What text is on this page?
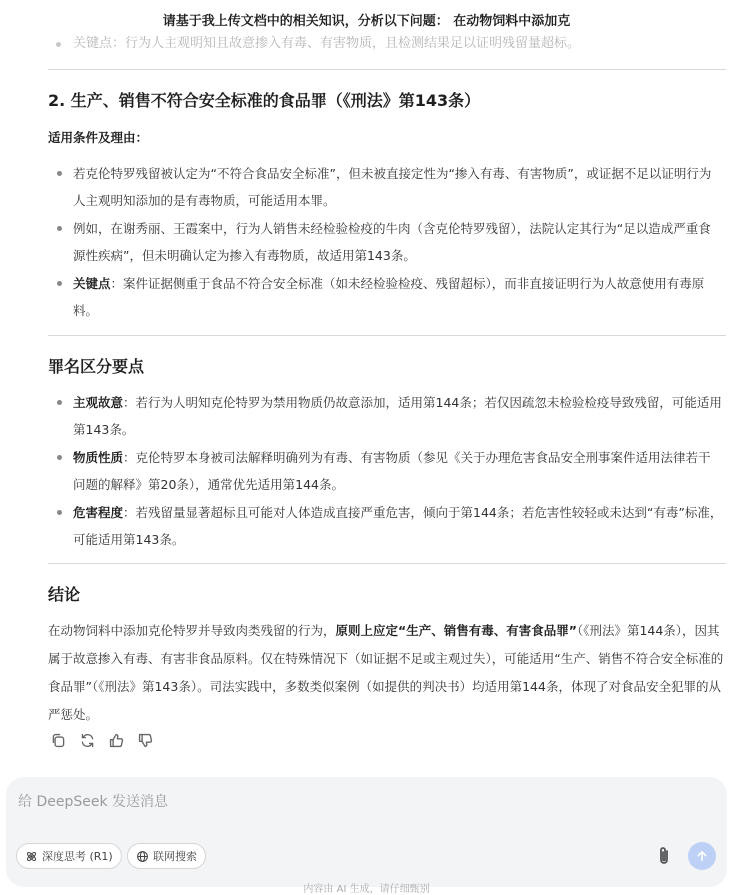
请基于我上传文档中的相关知识，分析以下问题： 在动物饲料中添加克
关键点：行为人主观明知且故意掺入有毒、有害物质，且检测结果足以证明残留量超标。
2. 生产、销售不符合安全标准的食品罪（《刑法》第143条）
适用条件及理由：
若克伦特罗残留被认定为“不符合食品安全标准”，但未被直接定性为“掺入有毒、有害物质”，或证据不足以证明行为人主观明知添加的是有毒物质，可能适用本罪。
例如，在谢秀丽、王霞案中，行为人销售未经检验检疫的牛肉（含克伦特罗残留），法院认定其行为“足以造成严重食源性疾病”，但未明确认定为掺入有毒物质，故适用第143条。
关键点：案件证据侧重于食品不符合安全标准（如未经检验检疫、残留超标），而非直接证明行为人故意使用有毒原料。
罪名区分要点
主观故意：若行为人明知克伦特罗为禁用物质仍故意添加，适用第144条；若仅因疏忽未检验检疫导致残留，可能适用第143条。
物质性质：克伦特罗本身被司法解释明确列为有毒、有害物质（参见《关于办理危害食品安全刑事案件适用法律若干问题的解释》第20条），通常优先适用第144条。
危害程度：若残留量显著超标且可能对人体造成直接严重危害，倾向于第144条；若危害性较轻或未达到“有毒”标准，可能适用第143条。
结论
在动物饲料中添加克伦特罗并导致肉类残留的行为，原则上应定“生产、销售有毒、有害食品罪”（《刑法》第144条），因其属于故意掺入有毒、有害非食品原料。仅在特殊情况下（如证据不足或主观过失），可能适用“生产、销售不符合安全标准的食品罪”（《刑法》第143条）。司法实践中，多数类似案例（如提供的判决书）均适用第144条，体现了对食品安全犯罪的从严惩处。
给 DeepSeek 发送消息
深度思考 (R1)	联网搜索
内容由 AI 生成，请仔细甄别
